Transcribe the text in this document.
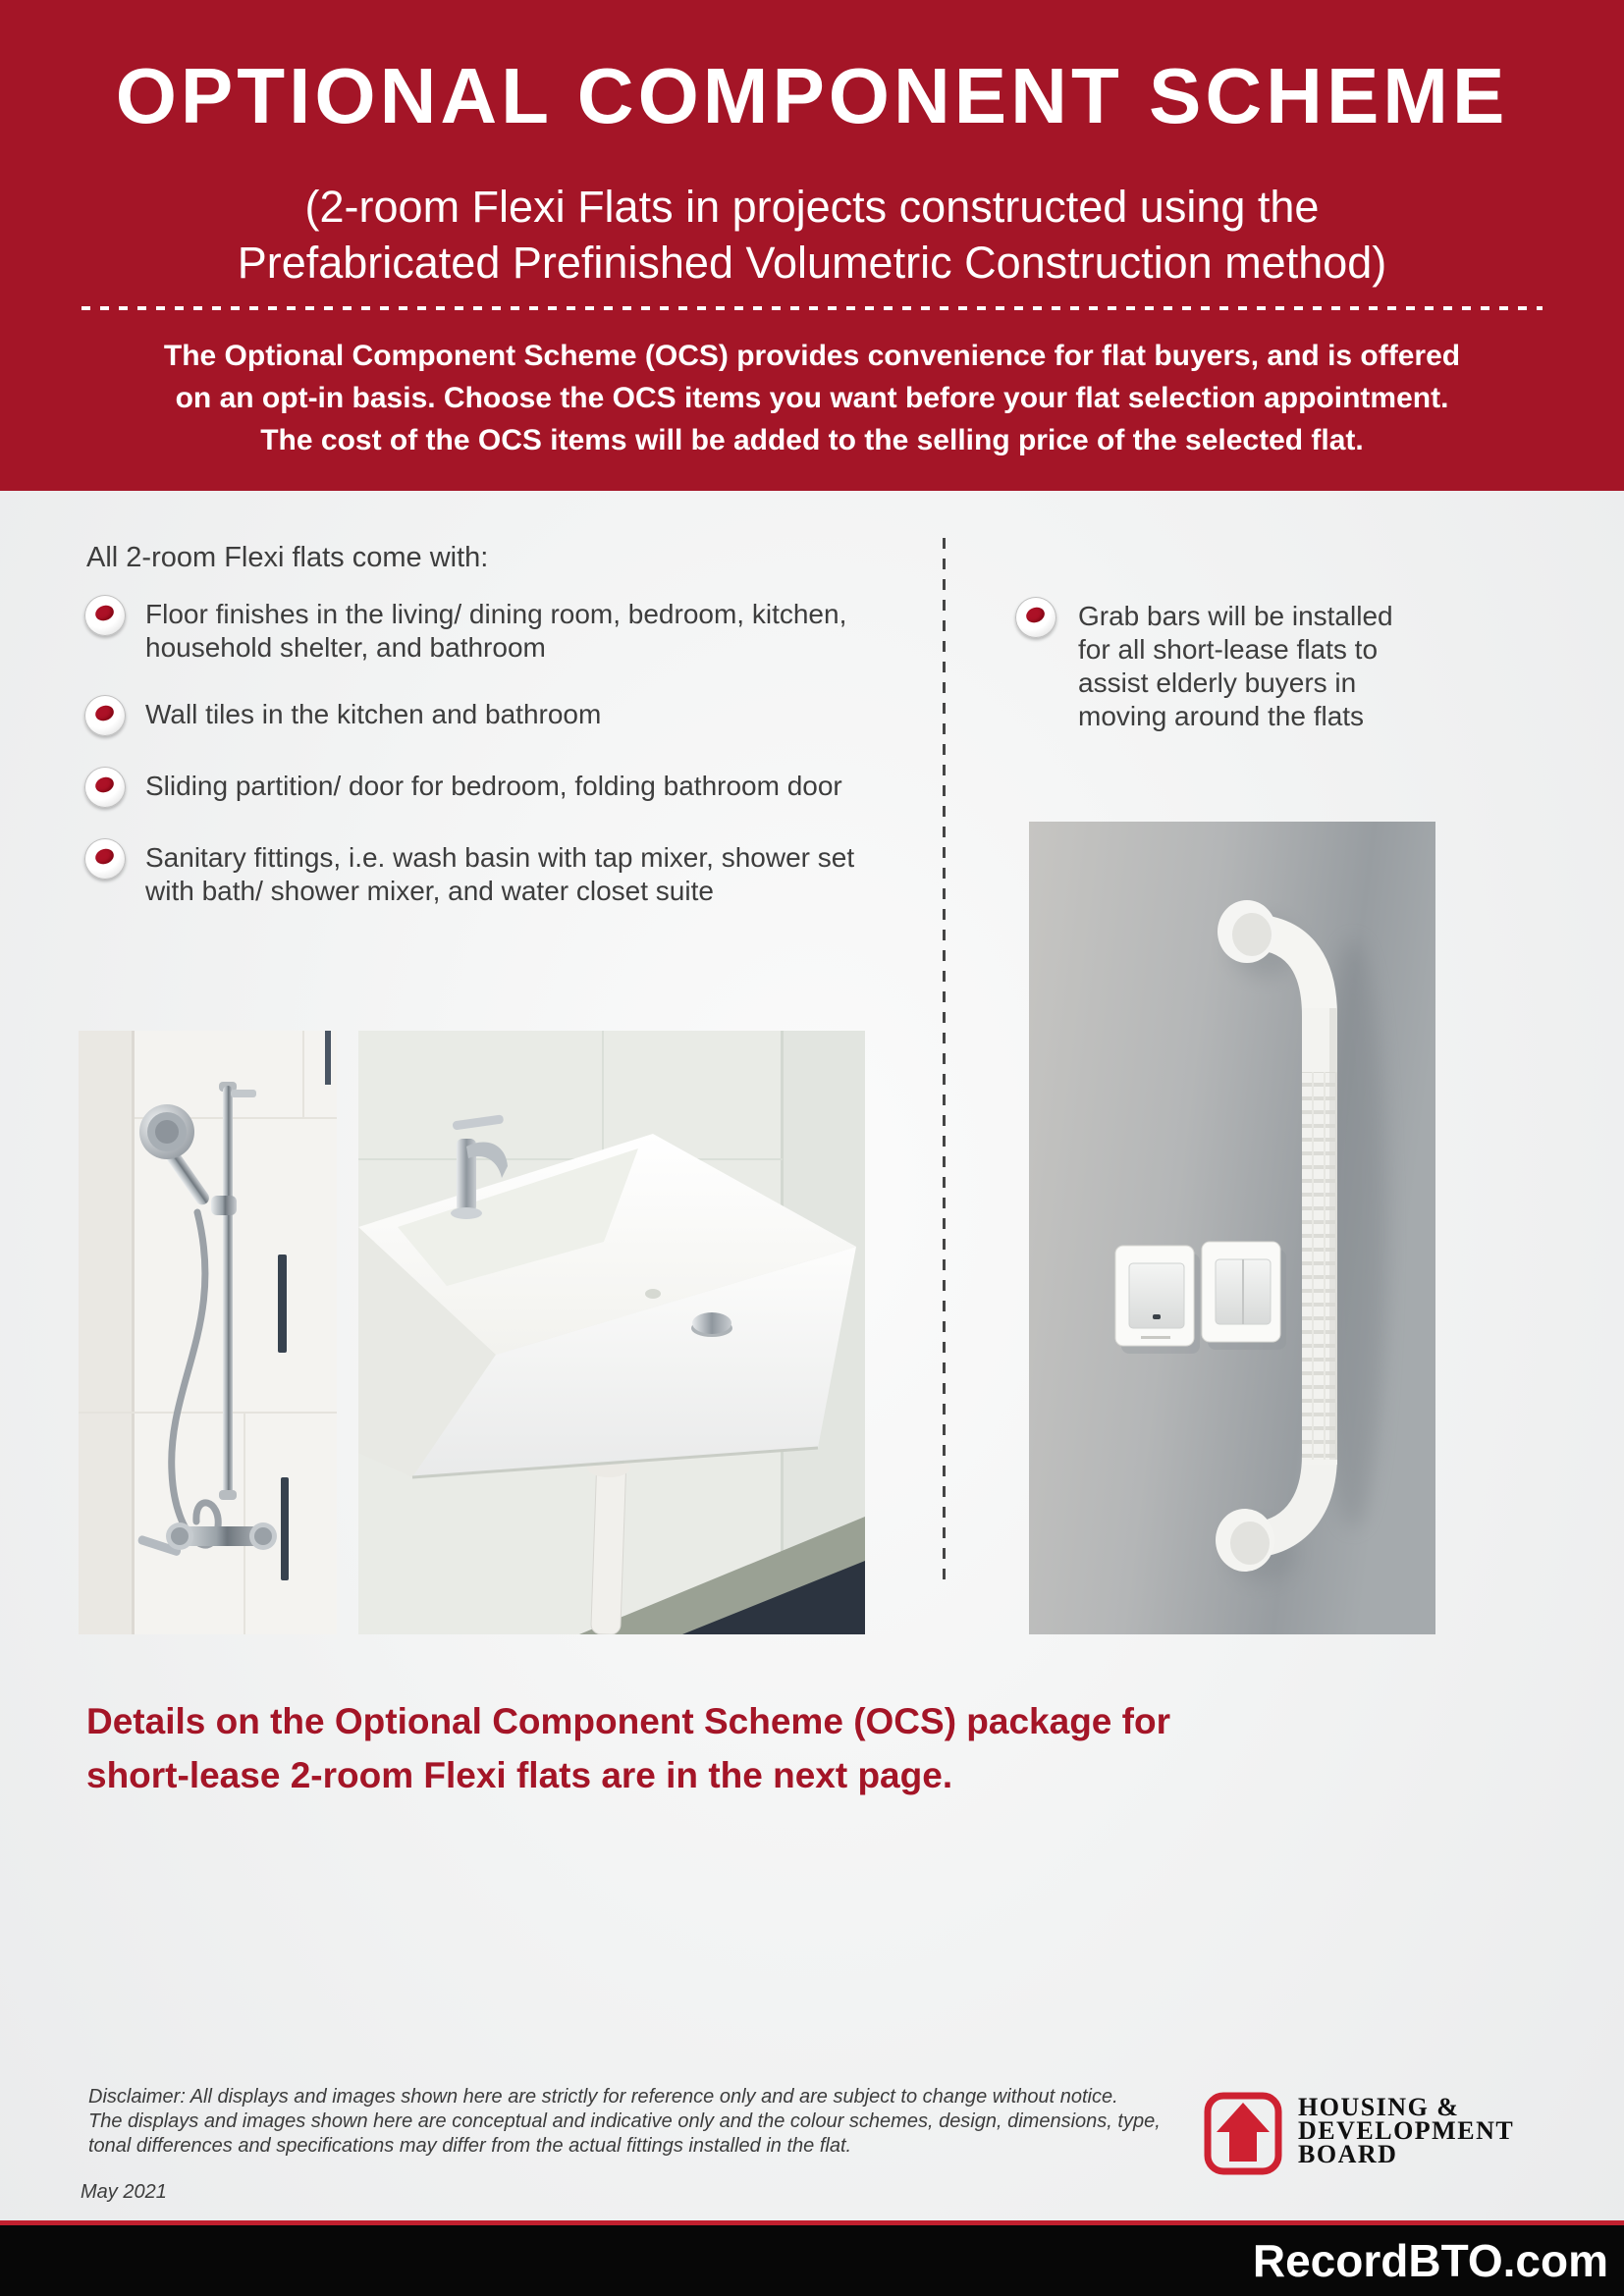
OPTIONAL COMPONENT SCHEME
(2-room Flexi Flats in projects constructed using the
Prefabricated Prefinished Volumetric Construction method)
The Optional Component Scheme (OCS) provides convenience for flat buyers, and is offered
on an opt-in basis. Choose the OCS items you want before your flat selection appointment.
The cost of the OCS items will be added to the selling price of the selected flat.
All 2-room Flexi flats come with:
Floor finishes in the living/ dining room, bedroom, kitchen,
household shelter, and bathroom
Wall tiles in the kitchen and bathroom
Sliding partition/ door for bedroom, folding bathroom door
Sanitary fittings, i.e. wash basin with tap mixer, shower set
with bath/ shower mixer, and water closet suite
Grab bars will be installed
for all short-lease flats to
assist elderly buyers in
moving around the flats
Details on the Optional Component Scheme (OCS) package for
short-lease 2-room Flexi flats are in the next page.
Disclaimer: All displays and images shown here are strictly for reference only and are subject to change without notice.
The displays and images shown here are conceptual and indicative only and the colour schemes, design, dimensions, type,
tonal differences and specifications may differ from the actual fittings installed in the flat.
May 2021
HOUSING &
DEVELOPMENT
BOARD
RecordBTO.com
